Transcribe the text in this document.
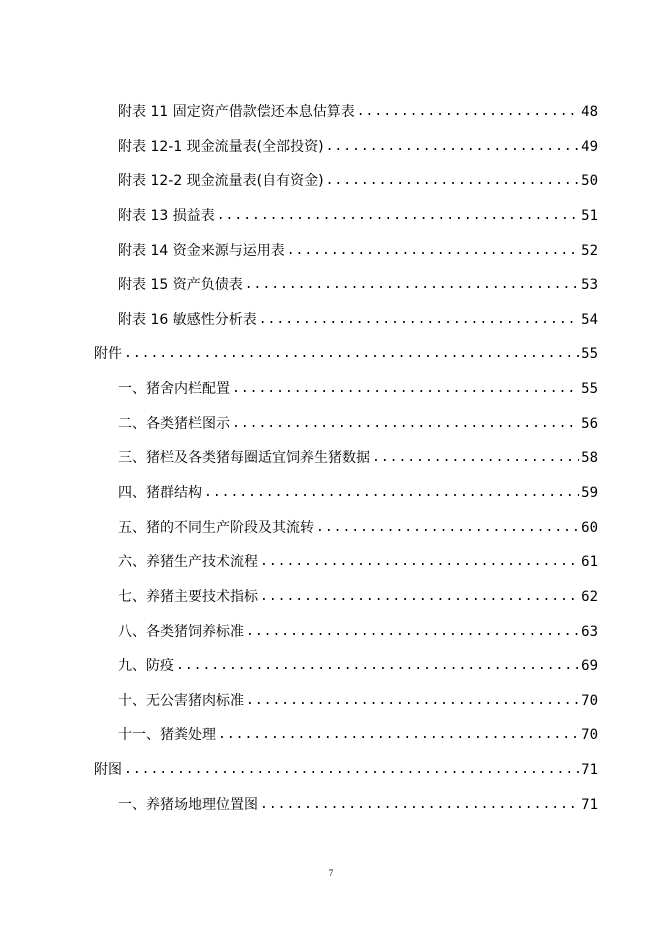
附表 11 固定资产借款偿还本息估算表 .....	48
附表 12-1 现金流量表(全部投资) .....	49
附表 12-2 现金流量表(自有资金) .....	50
附表 13 损益表 .....	51
附表 14 资金来源与运用表 .....	52
附表 15 资产负债表 .....	53
附表 16 敏感性分析表 .....	54
附件 .....	55
一、猪舍内栏配置 .....	55
二、各类猪栏图示 .....	56
三、猪栏及各类猪每圈适宜饲养生猪数据 .....	58
四、猪群结构 .....	59
五、猪的不同生产阶段及其流转 .....	60
六、养猪生产技术流程 .....	61
七、养猪主要技术指标 .....	62
八、各类猪饲养标准 .....	63
九、防疫 .....	69
十、无公害猪肉标准 .....	70
十一、猪粪处理 .....	70
附图 .....	71
一、养猪场地理位置图 .....	71
7
